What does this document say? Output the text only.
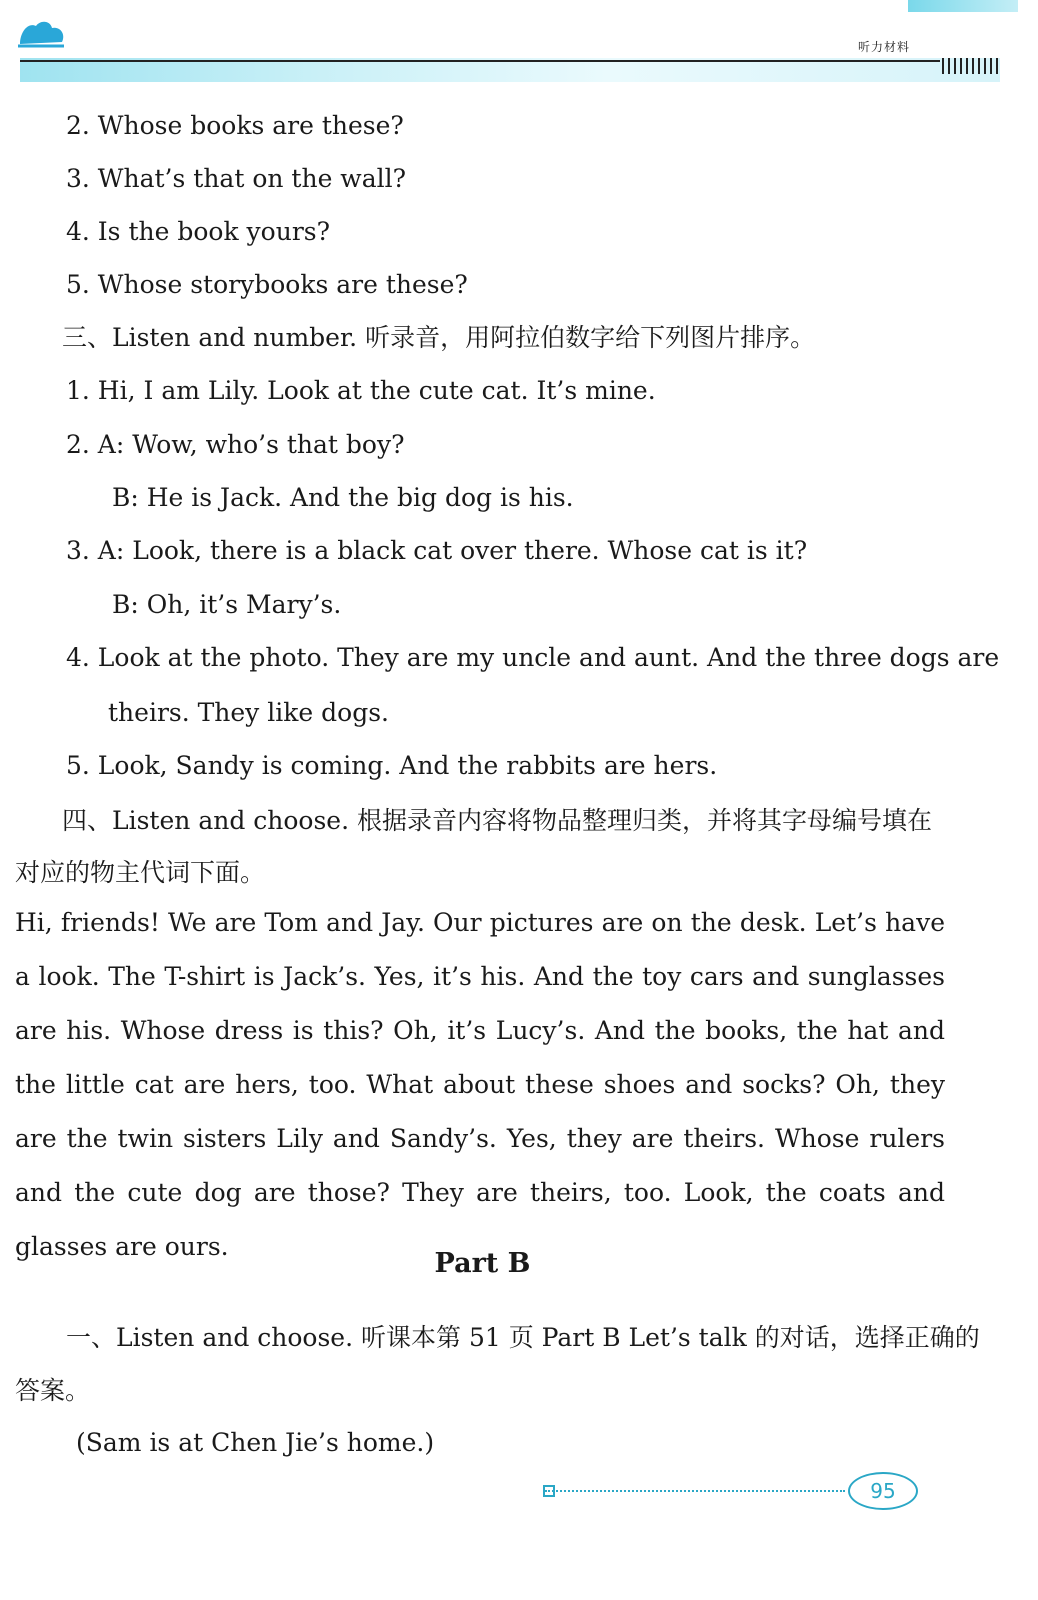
听力材料
2. Whose books are these?
3. What’s that on the wall?
4. Is the book yours?
5. Whose storybooks are these?
三、Listen and number. 听录音，用阿拉伯数字给下列图片排序。
1. Hi, I am Lily. Look at the cute cat. It’s mine.
2. A: Wow, who’s that boy?
B: He is Jack. And the big dog is his.
3. A: Look, there is a black cat over there. Whose cat is it?
B: Oh, it’s Mary’s.
4. Look at the photo. They are my uncle and aunt. And the three dogs are
theirs. They like dogs.
5. Look, Sandy is coming. And the rabbits are hers.
四、Listen and choose. 根据录音内容将物品整理归类，并将其字母编号填在
对应的物主代词下面。
一、Listen and choose. 听课本第 51 页 Part B Let’s talk 的对话，选择正确的
答案。
(Sam is at Chen Jie’s home.)
Hi, friends! We are Tom and Jay. Our pictures are on the desk. Let’s have a look. The T-shirt is Jack’s. Yes, it’s his. And the toy cars and sunglasses are his. Whose dress is this? Oh, it’s Lucy’s. And the books, the hat and the little cat are hers, too. What about these shoes and socks? Oh, they are the twin sisters Lily and Sandy’s. Yes, they are theirs. Whose rulers and the cute dog are those? They are theirs, too. Look, the coats and glasses are ours.
Part B
95
